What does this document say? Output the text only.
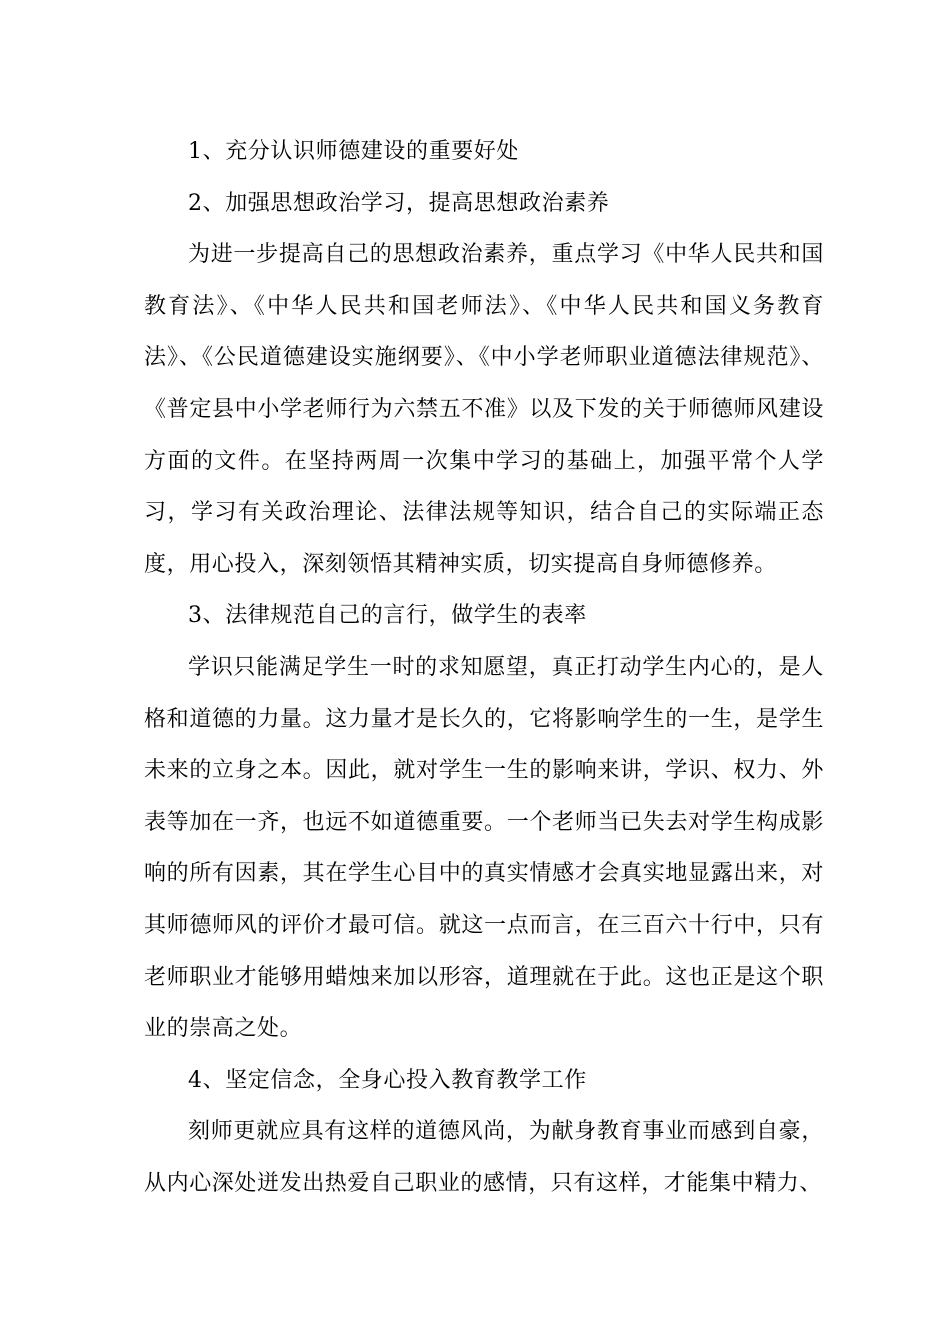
1、充分认识师德建设的重要好处

2、加强思想政治学习，提高思想政治素养

为进一步提高自己的思想政治素养，重点学习《中华人民共和国教育法》、《中华人民共和国老师法》、《中华人民共和国义务教育法》、《公民道德建设实施纲要》、《中小学老师职业道德法律规范》、《普定县中小学老师行为六禁五不准》以及下发的关于师德师风建设方面的文件。在坚持两周一次集中学习的基础上，加强平常个人学习，学习有关政治理论、法律法规等知识，结合自己的实际端正态度，用心投入，深刻领悟其精神实质，切实提高自身师德修养。

3、法律规范自己的言行，做学生的表率

学识只能满足学生一时的求知愿望，真正打动学生内心的，是人格和道德的力量。这力量才是长久的，它将影响学生的一生，是学生未来的立身之本。因此，就对学生一生的影响来讲，学识、权力、外表等加在一齐，也远不如道德重要。一个老师当已失去对学生构成影响的所有因素，其在学生心目中的真实情感才会真实地显露出来，对其师德师风的评价才最可信。就这一点而言，在三百六十行中，只有老师职业才能够用蜡烛来加以形容，道理就在于此。这也正是这个职业的崇高之处。

4、坚定信念，全身心投入教育教学工作

刻师更就应具有这样的道德风尚，为献身教育事业而感到自豪，从内心深处迸发出热爱自己职业的感情，只有这样，才能集中精力、
